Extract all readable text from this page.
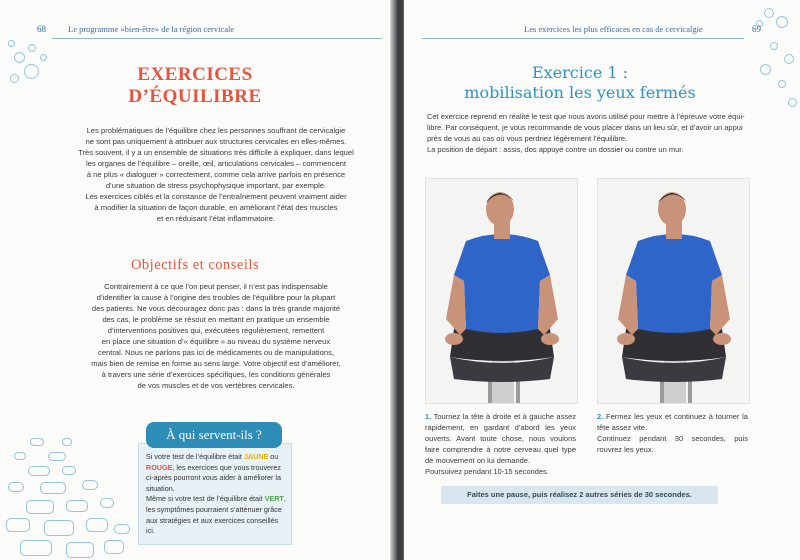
68	Le programme «bien-être» de la région cervicale
EXERCICES
D’ÉQUILIBRE
Les problématiques de l’équilibre chez les personnes souffrant de cervicalgie
ne sont pas uniquement à attribuer aux structures cervicales en elles-mêmes.
Très souvent, il y a un ensemble de situations très difficile à expliquer, dans lequel
les organes de l’équilibre – oreille, œil, articulations cervicales – commencent
à ne plus « dialoguer » correctement, comme cela arrive parfois en présence
d’une situation de stress psychophysique important, par exemple.
Les exercices ciblés et la constance de l’entraînement peuvent vraiment aider
à modifier la situation de façon durable, en améliorant l’état des muscles
et en réduisant l’état inflammatoire.
Objectifs et conseils
Contrairement à ce que l’on peut penser, il n’est pas indispensable
d’identifier la cause à l’origine des troubles de l’équilibre pour la plupart
des patients. Ne vous découragez donc pas : dans la très grande majorité
des cas, le problème se résout en mettant en pratique un ensemble
d’interventions positives qui, exécutées régulièrement, remettent
en place une situation d’« équilibre » au niveau du système nerveux
central. Nous ne parlons pas ici de médicaments ou de manipulations,
mais bien de remise en forme au sens large. Votre objectif est d’améliorer,
à travers une série d’exercices spécifiques, les conditions générales
de vos muscles et de vos vertèbres cervicales.
À qui servent-ils ?
Si votre test de l’équilibre était JAUNE ou ROUGE, les exercices que vous trouverez ci-après pourront vous aider à améliorer la situation.
Même si votre test de l’équilibre était VERT, les symptômes pourraient s’atténuer grâce aux stratégies et aux exercices conseillés ici.
Les exercices les plus efficaces en cas de cervicalgie	69
Exercice 1 :
mobilisation les yeux fermés
Cet exercice reprend en réalité le test que nous avons utilisé pour mettre à l’épreuve votre équi-
libre. Par conséquent, je vous recommande de vous placer dans un lieu sûr, et d’avoir un appui
près de vous au cas où vous perdriez légèrement l’équilibre.
La position de départ : assis, dos appuyé contre un dossier ou contre un mur.
1. Tournez la tête à droite et à gauche assez rapidement, en gardant d’abord les yeux ouverts. Avant toute chose, nous voulons faire comprendre à notre cerveau quel type de mouvement on lui demande.
Poursuivez pendant 10-15 secondes.
2. Fermez les yeux et continuez à tourner la tête assez vite.
Continuez pendant 30 secondes, puis rouvrez les yeux.
Faites une pause, puis réalisez 2 autres séries de 30 secondes.
